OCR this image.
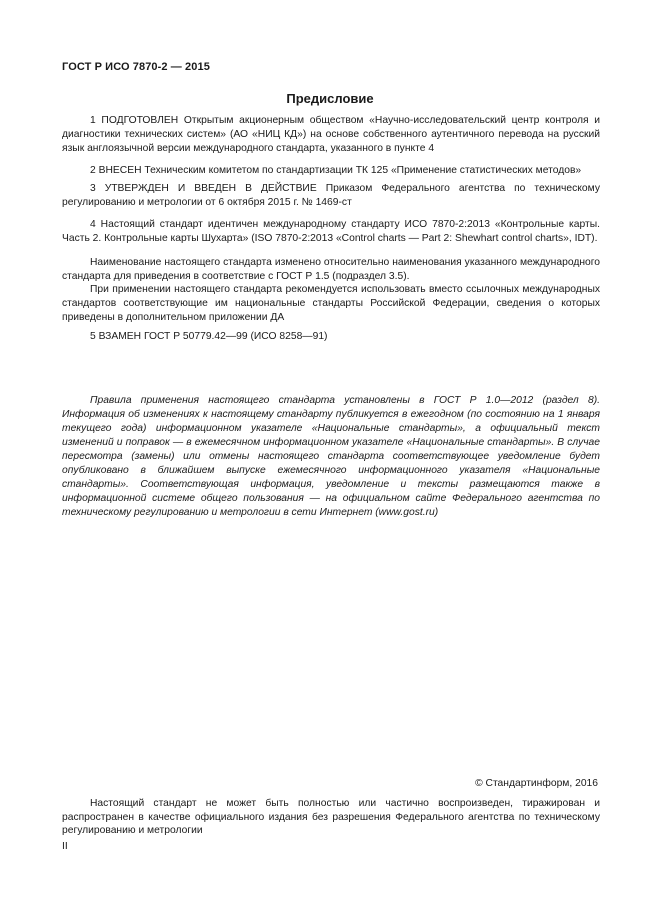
ГОСТ Р ИСО 7870-2 — 2015
Предисловие

1 ПОДГОТОВЛЕН Открытым акционерным обществом «Научно-исследовательский центр контроля и диагностики технических систем» (АО «НИЦ КД») на основе собственного аутентичного перевода на русский язык англоязычной версии международного стандарта, указанного в пункте 4

2 ВНЕСЕН Техническим комитетом по стандартизации ТК 125 «Применение статистических методов»

3 УТВЕРЖДЕН И ВВЕДЕН В ДЕЙСТВИЕ Приказом Федерального агентства по техническому регулированию и метрологии от 6 октября 2015 г. № 1469-ст

4 Настоящий стандарт идентичен международному стандарту ИСО 7870-2:2013 «Контрольные карты. Часть 2. Контрольные карты Шухарта» (ISO 7870-2:2013 «Control charts — Part 2: Shewhart control charts», IDT).

Наименование настоящего стандарта изменено относительно наименования указанного международного стандарта для приведения в соответствие с ГОСТ Р 1.5 (подраздел 3.5).

При применении настоящего стандарта рекомендуется использовать вместо ссылочных международных стандартов соответствующие им национальные стандарты Российской Федерации, сведения о которых приведены в дополнительном приложении ДА

5 ВЗАМЕН ГОСТ Р 50779.42—99 (ИСО 8258—91)

Правила применения настоящего стандарта установлены в ГОСТ Р 1.0—2012 (раздел 8). Информация об изменениях к настоящему стандарту публикуется в ежегодном (по состоянию на 1 января текущего года) информационном указателе «Национальные стандарты», а официальный текст изменений и поправок — в ежемесячном информационном указателе «Национальные стандарты». В случае пересмотра (замены) или отмены настоящего стандарта соответствующее уведомление будет опубликовано в ближайшем выпуске ежемесячного информационного указателя «Национальные стандарты». Соответствующая информация, уведомление и тексты размещаются также в информационной системе общего пользования — на официальном сайте Федерального агентства по техническому регулированию и метрологии в сети Интернет (www.gost.ru)

© Стандартинформ, 2016

Настоящий стандарт не может быть полностью или частично воспроизведен, тиражирован и распространен в качестве официального издания без разрешения Федерального агентства по техническому регулированию и метрологии

II
